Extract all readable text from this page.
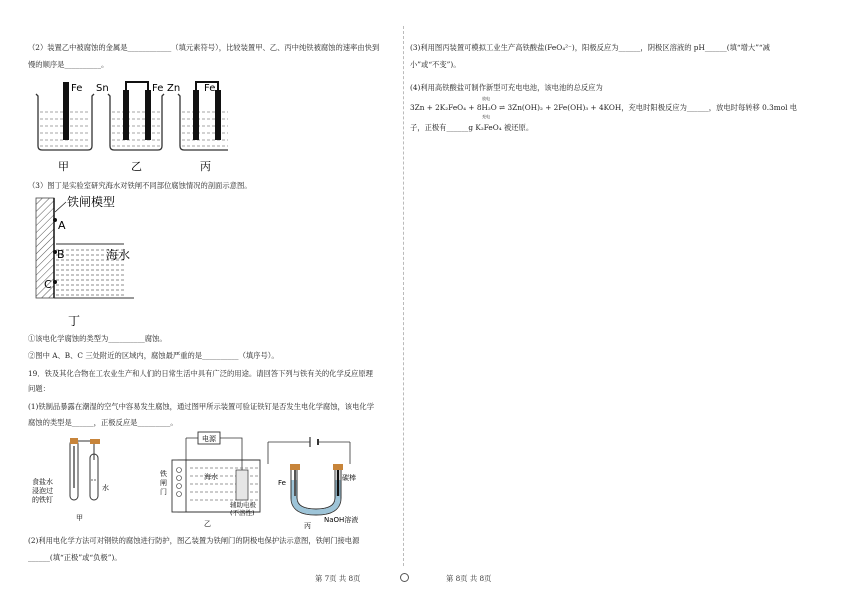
（2）装置乙中被腐蚀的金属是____________（填元素符号），比较装置甲、乙、丙中纯铁被腐蚀的速率由快到

慢的顺序是__________。

Fe Sn	Fe Zn Fe
甲	乙	丙

（3）图丁是实验室研究海水对铁闸不同部位腐蚀情况的剖面示意图。

铁闸模型
A
B
C
海水
丁

①该电化学腐蚀的类型为__________腐蚀。

②图中 A、B、C 三处附近的区域内，腐蚀最严重的是__________（填序号）。

19．铁及其化合物在工农业生产和人们的日常生活中具有广泛的用途。请回答下列与铁有关的化学反应原理

问题：

(1)铁制品暴露在潮湿的空气中容易发生腐蚀，通过图甲所示装置可验证铁钉是否发生电化学腐蚀，该电化学

腐蚀的类型是______，正极反应是_________。

食盐水
浸泡过
的铁钉
水
甲
电源
铁
闸
门
海水
辅助电极
(不溶性)
乙
Fe
碳棒
NaOH溶液
丙

(2)利用电化学方法可对钢铁的腐蚀进行防护，图乙装置为铁闸门的阴极电保护法示意图，铁闸门接电源

______(填“正极”或“负极”)。

(3)利用图丙装置可模拟工业生产高铁酸盐(FeO₄²⁻)，阳极反应为______，阴极区溶液的 pH______(填“增大”“减

小”或“不变”)。

(4)利用高铁酸盐可制作新型可充电电池，该电池的总反应为

3Zn + 2K₂FeO₄ + 8H₂O ⇌ 3Zn(OH)₂ + 2Fe(OH)₃ + 4KOH，充电时阳极反应为______，放电时每转移 0.3mol 电

放电
充电

子，正极有______g K₂FeO₄ 被还原。

第 7页 共 8页	第 8页 共 8页
